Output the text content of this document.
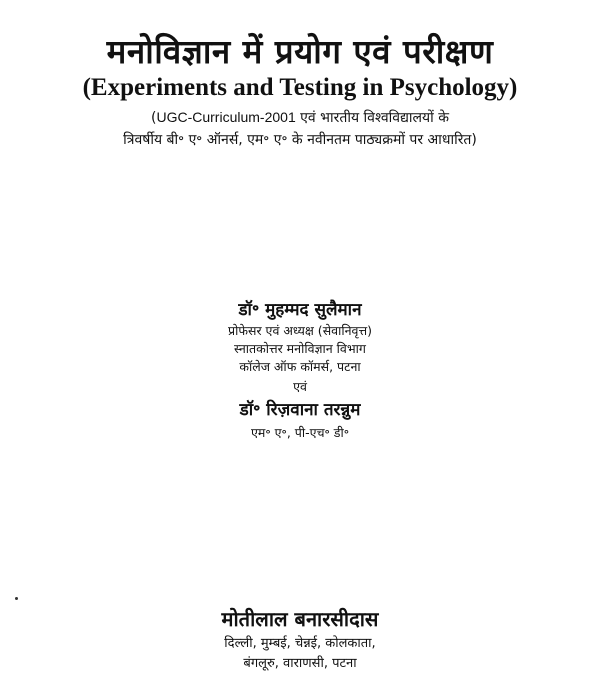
मनोविज्ञान में प्रयोग एवं परीक्षण
(Experiments and Testing in Psychology)
(UGC-Curriculum-2001 एवं भारतीय विश्वविद्यालयों के
त्रिवर्षीय बी॰ ए॰ ऑनर्स, एम॰ ए॰ के नवीनतम पाठ्यक्रमों पर आधारित)
डॉ॰ मुहम्मद सुलैमान
प्रोफेसर एवं अध्यक्ष (सेवानिवृत्त)
स्नातकोत्तर मनोविज्ञान विभाग
कॉलेज ऑफ कॉमर्स, पटना
एवं
डॉ॰ रिज़वाना तरन्नुम
एम॰ ए॰, पी-एच॰ डी॰
मोतीलाल बनारसीदास
दिल्ली, मुम्बई, चेन्नई, कोलकाता,
बंगलूरु, वाराणसी, पटना
